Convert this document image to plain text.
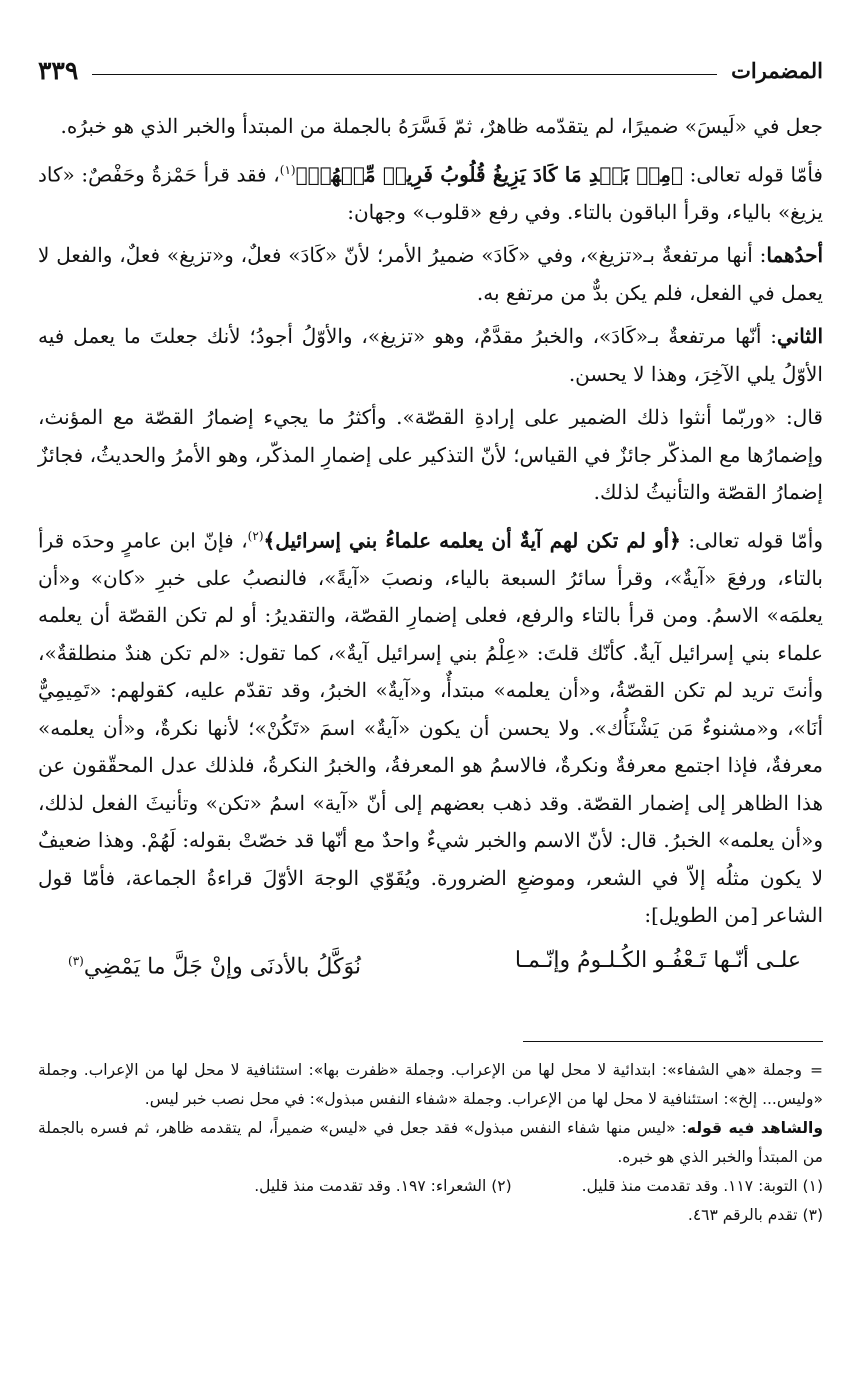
المضمرات
٣٣٩

جعل في «لَيسَ» ضميرًا، لم يتقدّمه ظاهرٌ، ثمّ فَسَّرَهُ بالجملة من المبتدأ والخبر الذي هو خبرُه.

فأمّا قوله تعالى: ﴿مِنۢ بَعۡدِ مَا كَادَ يَزِيغُ قُلُوبُ فَرِيقٖ مِّنۡهُمۡ﴾$^{(١)}$، فقد قرأ حَمْزةُ وحَفْصٌ: «كاد يزيغ» بالياء، وقرأ الباقون بالتاء. وفي رفع «قلوب» وجهان:

أحدُهما: أنها مرتفعةٌ بـ«تزيغ»، وفي «كَادَ» ضميرُ الأمر؛ لأنّ «كَادَ» فعلٌ، و«تزيغ» فعلٌ، والفعل لا يعمل في الفعل، فلم يكن بدٌّ من مرتفع به.

الثاني: أنّها مرتفعةٌ بـ«كَادَ»، والخبرُ مقدَّمٌ، وهو «تزيغ»، والأوّلُ أجودُ؛ لأنك جعلتَ ما يعمل فيه الأوّلُ يلي الآخِرَ، وهذا لا يحسن.

قال: «وربّما أنثوا ذلك الضمير على إرادةِ القصّة». وأكثرُ ما يجيء إضمارُ القصّة مع المؤنث، وإضمارُها مع المذكّر جائزٌ في القياس؛ لأنّ التذكير على إضمارِ المذكّر، وهو الأمرُ والحديثُ، فجائزٌ إضمارُ القصّة والتأنيثُ لذلك.

وأمّا قوله تعالى: ﴿أو لم تكن لهم آيةٌ أن يعلمه علماءُ بني إسرائيل﴾$^{(٢)}$، فإنّ ابن عامرٍ وحدَه قرأ بالتاء، ورفعَ «آيةٌ»، وقرأ سائرُ السبعة بالياء، ونصبَ «آيةً»، فالنصبُ على خبرِ «كان» و«أن يعلمَه» الاسمُ. ومن قرأ بالتاء والرفع، فعلى إضمارِ القصّة، والتقديرُ: أو لم تكن القصّة أن يعلمه علماء بني إسرائيل آيةٌ. كأنّك قلتَ: «عِلْمُ بني إسرائيل آيةٌ»، كما تقول: «لم تكن هندٌ منطلقةٌ»، وأنتَ تريد لم تكن القصّةُ، و«أن يعلمه» مبتدأٌ، و«آيةٌ» الخبرُ، وقد تقدّم عليه، كقولهم: «تَمِيمِيٌّ أنَا»، و«مشنوءٌ مَن يَشْنَأُك». ولا يحسن أن يكون «آيةٌ» اسمَ «تَكُنْ»؛ لأنها نكرةٌ، و«أن يعلمه» معرفةٌ، فإذا اجتمع معرفةٌ ونكرةٌ، فالاسمُ هو المعرفةُ، والخبرُ النكرةُ، فلذلك عدل المحقّقون عن هذا الظاهر إلى إضمار القصّة. وقد ذهب بعضهم إلى أنّ «آية» اسمُ «تكن» وتأنيثَ الفعل لذلك، و«أن يعلمه» الخبرُ. قال: لأنّ الاسم والخبر شيءٌ واحدٌ مع أنّها قد خصّتْ بقوله: لَهُمْ. وهذا ضعيفٌ لا يكون مثلُه إلاّ في الشعر، وموضعِ الضرورة. ويُقَوّي الوجهَ الأوّلَ قراءةُ الجماعة، فأمّا قول الشاعر [من الطويل]:

علـى أنّـها تَـعْفُـو الكُـلـومُ وإنّـمـا
نُوَكَّلُ بالأدنَى وإنْ جَلَّ ما يَمْضِي$^{(٣)}$

=وجملة «هي الشفاء»: ابتدائية لا محل لها من الإعراب. وجملة «ظفرت بها»: استئنافية لا محل لها من الإعراب. وجملة «وليس... إلخ»: استئنافية لا محل لها من الإعراب. وجملة «شفاء النفس مبذول»: في محل نصب خبر ليس.

والشاهد فيه قوله: «ليس منها شفاء النفس مبذول» فقد جعل في «ليس» ضميراً، لم يتقدمه ظاهر، ثم فسره بالجملة من المبتدأ والخبر الذي هو خبره.

(١) التوبة: ١١٧. وقد تقدمت منذ قليل.
(٢) الشعراء: ١٩٧. وقد تقدمت منذ قليل.

(٣) تقدم بالرقم ٤٦٣.
